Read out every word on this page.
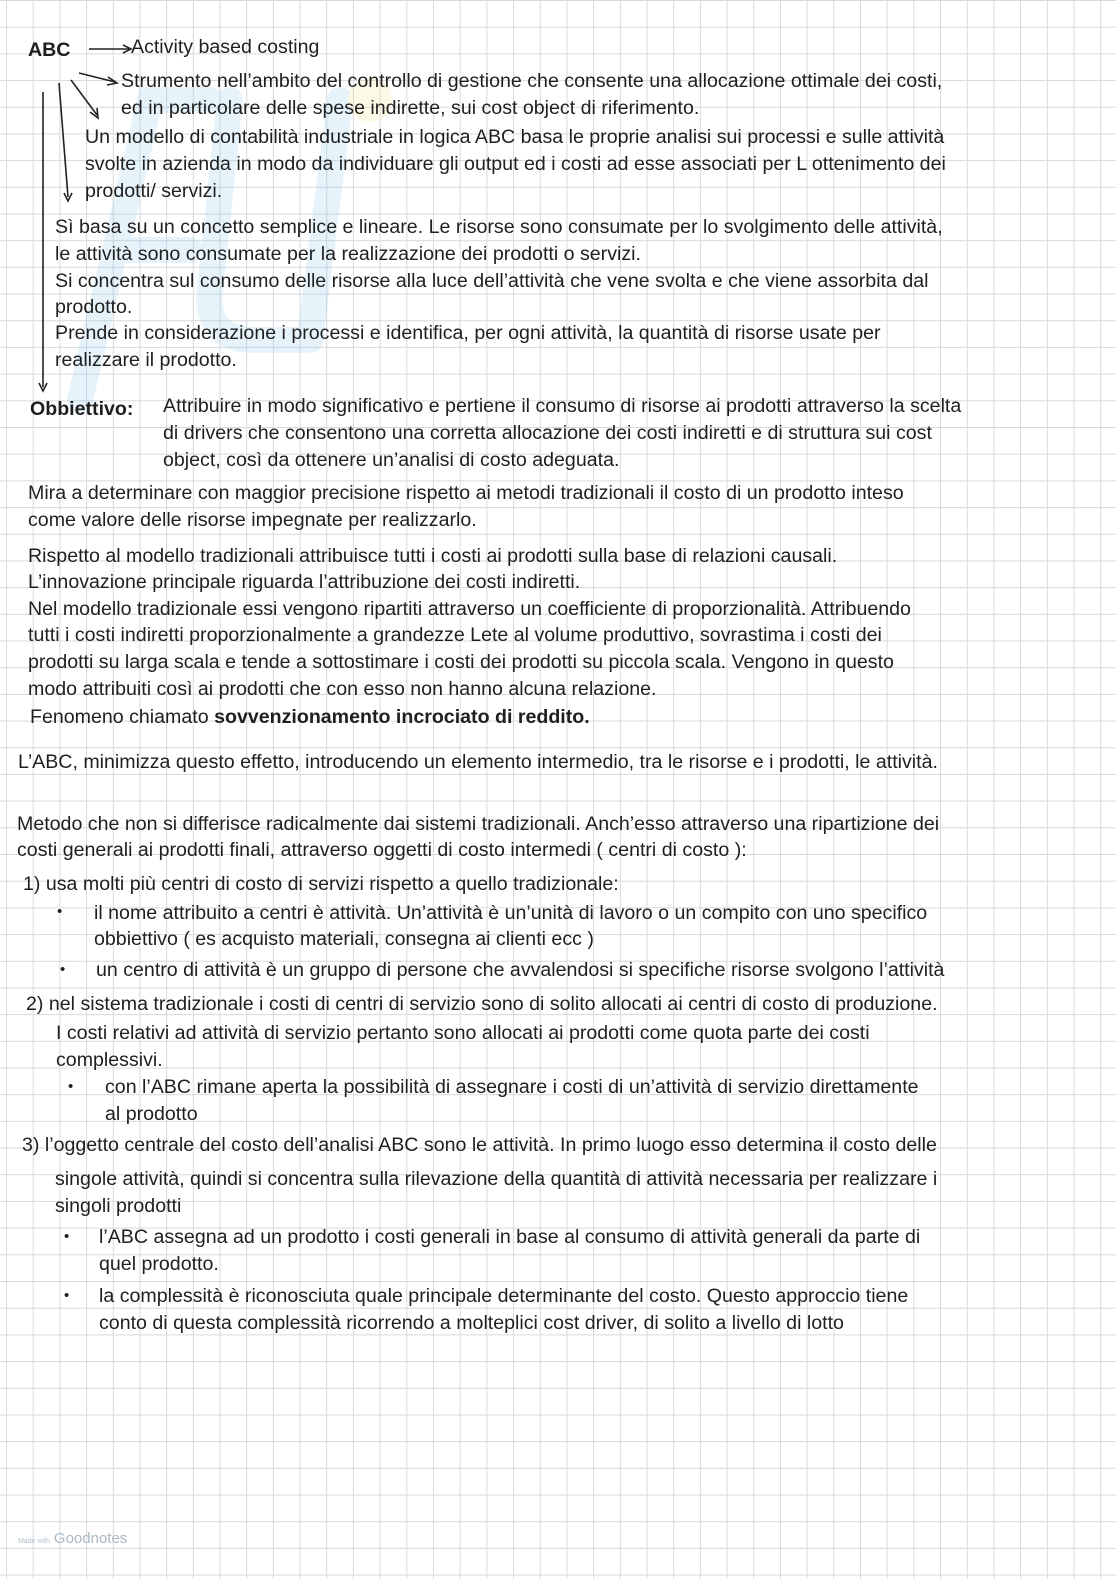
ABC	Activity based costing
Strumento nell’ambito del controllo di gestione che consente una allocazione ottimale dei costi,
ed in particolare delle spese indirette, sui cost object di riferimento.
Un modello di contabilità industriale in logica ABC basa le proprie analisi sui processi e sulle attività
svolte in azienda in modo da individuare gli output ed i costi ad esse associati per L ottenimento dei
prodotti/ servizi.
Sì basa su un concetto semplice e lineare. Le risorse sono consumate per lo svolgimento delle attività,
le attività sono consumate per la realizzazione dei prodotti o servizi.
Si concentra sul consumo delle risorse alla luce dell’attività che vene svolta e che viene assorbita dal
prodotto.
Prende in considerazione i processi e identifica, per ogni attività, la quantità di risorse usate per
realizzare il prodotto.
Obbiettivo: Attribuire in modo significativo e pertiene il consumo di risorse ai prodotti attraverso la scelta
di drivers che consentono una corretta allocazione dei costi indiretti e di struttura sui cost
object, così da ottenere un’analisi di costo adeguata.
Mira a determinare con maggior precisione rispetto ai metodi tradizionali il costo di un prodotto inteso
come valore delle risorse impegnate per realizzarlo.
Rispetto al modello tradizionali attribuisce tutti i costi ai prodotti sulla base di relazioni causali.
L’innovazione principale riguarda l’attribuzione dei costi indiretti.
Nel modello tradizionale essi vengono ripartiti attraverso un coefficiente di proporzionalità. Attribuendo
tutti i costi indiretti proporzionalmente a grandezze Lete al volume produttivo, sovrastima i costi dei
prodotti su larga scala e tende a sottostimare i costi dei prodotti su piccola scala. Vengono in questo
modo attribuiti così ai prodotti che con esso non hanno alcuna relazione.
Fenomeno chiamato sovvenzionamento incrociato di reddito.
L’ABC, minimizza questo effetto, introducendo un elemento intermedio, tra le risorse e i prodotti, le attività.
Metodo che non si differisce radicalmente dai sistemi tradizionali. Anch’esso attraverso una ripartizione dei
costi generali ai prodotti finali, attraverso oggetti di costo intermedi ( centri di costo ):
1) usa molti più centri di costo di servizi rispetto a quello tradizionale:
• il nome attribuito a centri è attività. Un’attività è un’unità di lavoro o un compito con uno specifico
obbiettivo ( es acquisto materiali, consegna ai clienti ecc )
• un centro di attività è un gruppo di persone che avvalendosi si specifiche risorse svolgono l’attività
2) nel sistema tradizionale i costi di centri di servizio sono di solito allocati ai centri di costo di produzione.
I costi relativi ad attività di servizio pertanto sono allocati ai prodotti come quota parte dei costi
complessivi.
• con l’ABC rimane aperta la possibilità di assegnare i costi di un’attività di servizio direttamente
al prodotto
3) l’oggetto centrale del costo dell’analisi ABC sono le attività. In primo luogo esso determina il costo delle
singole attività, quindi si concentra sulla rilevazione della quantità di attività necessaria per realizzare i
singoli prodotti
• l’ABC assegna ad un prodotto i costi generali in base al consumo di attività generali da parte di
quel prodotto.
• la complessità è riconosciuta quale principale determinante del costo. Questo approccio tiene
conto di questa complessità ricorrendo a molteplici cost driver, di solito a livello di lotto
Made with Goodnotes
